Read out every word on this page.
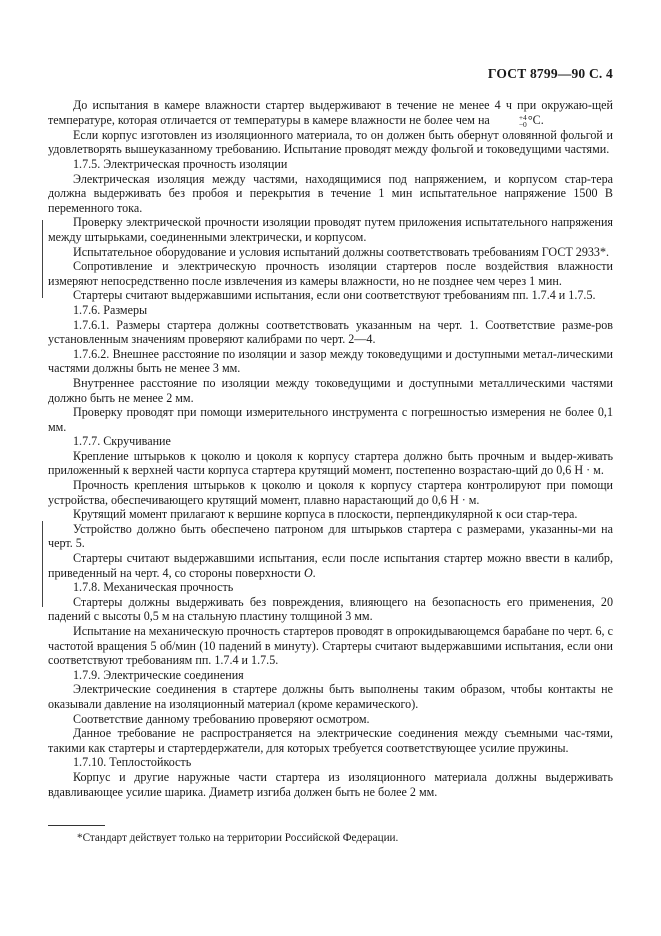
ГОСТ 8799—90 С. 4

До испытания в камере влажности стартер выдерживают в течение не менее 4 ч при окружаю-щей температуре, которая отличается от температуры в камере влажности не более чем на	+4
−0 °С.

Если корпус изготовлен из изоляционного материала, то он должен быть обернут оловянной фольгой и удовлетворять вышеуказанному требованию. Испытание проводят между фольгой и токоведущими частями.

1.7.5. Электрическая прочность изоляции

Электрическая изоляция между частями, находящимися под напряжением, и корпусом стар-тера должна выдерживать без пробоя и перекрытия в течение 1 мин испытательное напряжение 1500 В переменного тока.

Проверку электрической прочности изоляции проводят путем приложения испытательного напряжения между штырьками, соединенными электрически, и корпусом.

Испытательное оборудование и условия испытаний должны соответствовать требованиям ГОСТ 2933*.

Сопротивление и электрическую прочность изоляции стартеров после воздействия влажности измеряют непосредственно после извлечения из камеры влажности, но не позднее чем через 1 мин.

Стартеры считают выдержавшими испытания, если они соответствуют требованиям пп. 1.7.4 и 1.7.5.

1.7.6. Размеры

1.7.6.1. Размеры стартера должны соответствовать указанным на черт. 1. Соответствие разме-ров установленным значениям проверяют калибрами по черт. 2—4.

1.7.6.2. Внешнее расстояние по изоляции и зазор между токоведущими и доступными метал-лическими частями должны быть не менее 3 мм.

Внутреннее расстояние по изоляции между токоведущими и доступными металлическими частями должно быть не менее 2 мм.

Проверку проводят при помощи измерительного инструмента с погрешностью измерения не более 0,1 мм.

1.7.7. Скручивание

Крепление штырьков к цоколю и цоколя к корпусу стартера должно быть прочным и выдер-живать приложенный к верхней части корпуса стартера крутящий момент, постепенно возрастаю-щий до 0,6 Н · м.

Прочность крепления штырьков к цоколю и цоколя к корпусу стартера контролируют при помощи устройства, обеспечивающего крутящий момент, плавно нарастающий до 0,6 Н · м.

Крутящий момент прилагают к вершине корпуса в плоскости, перпендикулярной к оси стар-тера.

Устройство должно быть обеспечено патроном для штырьков стартера с размерами, указанны-ми на черт. 5.

Стартеры считают выдержавшими испытания, если после испытания стартер можно ввести в калибр, приведенный на черт. 4, со стороны поверхности О.

1.7.8. Механическая прочность

Стартеры должны выдерживать без повреждения, влияющего на безопасность его применения, 20 падений с высоты 0,5 м на стальную пластину толщиной 3 мм.

Испытание на механическую прочность стартеров проводят в опрокидывающемся барабане по черт. 6, с частотой вращения 5 об/мин (10 падений в минуту). Стартеры считают выдержавшими испытания, если они соответствуют требованиям пп. 1.7.4 и 1.7.5.

1.7.9. Электрические соединения

Электрические соединения в стартере должны быть выполнены таким образом, чтобы контакты не оказывали давление на изоляционный материал (кроме керамического).

Соответствие данному требованию проверяют осмотром.

Данное требование не распространяется на электрические соединения между съемными час-тями, такими как стартеры и стартердержатели, для которых требуется соответствующее усилие пружины.

1.7.10. Теплостойкость

Корпус и другие наружные части стартера из изоляционного материала должны выдерживать вдавливающее усилие шарика. Диаметр изгиба должен быть не более 2 мм.

*Стандарт действует только на территории Российской Федерации.
